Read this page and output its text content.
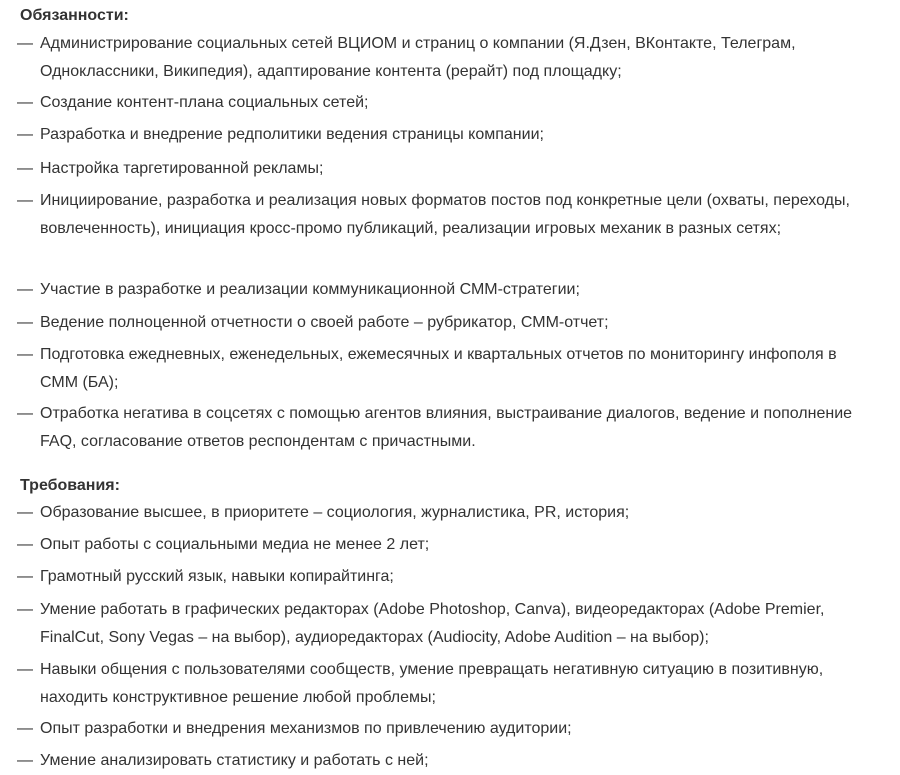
Обязанности:
— Администрирование социальных сетей ВЦИОМ и страниц о компании (Я.Дзен, ВКонтакте, Телеграм, Одноклассники, Википедия), адаптирование контента (рерайт) под площадку;
— Создание контент-плана социальных сетей;
— Разработка и внедрение редполитики ведения страницы компании;
— Настройка таргетированной рекламы;
— Инициирование, разработка и реализация новых форматов постов под конкретные цели (охваты, переходы, вовлеченность), инициация кросс-промо публикаций, реализации игровых механик в разных сетях;
— Участие в разработке и реализации коммуникационной СММ-стратегии;
— Ведение полноценной отчетности о своей работе – рубрикатор, СММ-отчет;
— Подготовка ежедневных, еженедельных, ежемесячных и квартальных отчетов по мониторингу инфополя в СММ (БА);
— Отработка негатива в соцсетях с помощью агентов влияния, выстраивание диалогов, ведение и пополнение FAQ, согласование ответов респондентам с причастными.
Требования:
— Образование высшее, в приоритете – социология, журналистика, PR, история;
— Опыт работы с социальными медиа не менее 2 лет;
— Грамотный русский язык, навыки копирайтинга;
— Умение работать в графических редакторах (Adobe Photoshop, Canva), видеоредакторах (Adobe Premier, FinalCut, Sony Vegas – на выбор), аудиоредакторах (Audiocity, Adobe Audition – на выбор);
— Навыки общения с пользователями сообществ, умение превращать негативную ситуацию в позитивную, находить конструктивное решение любой проблемы;
— Опыт разработки и внедрения механизмов по привлечению аудитории;
— Умение анализировать статистику и работать с ней;
